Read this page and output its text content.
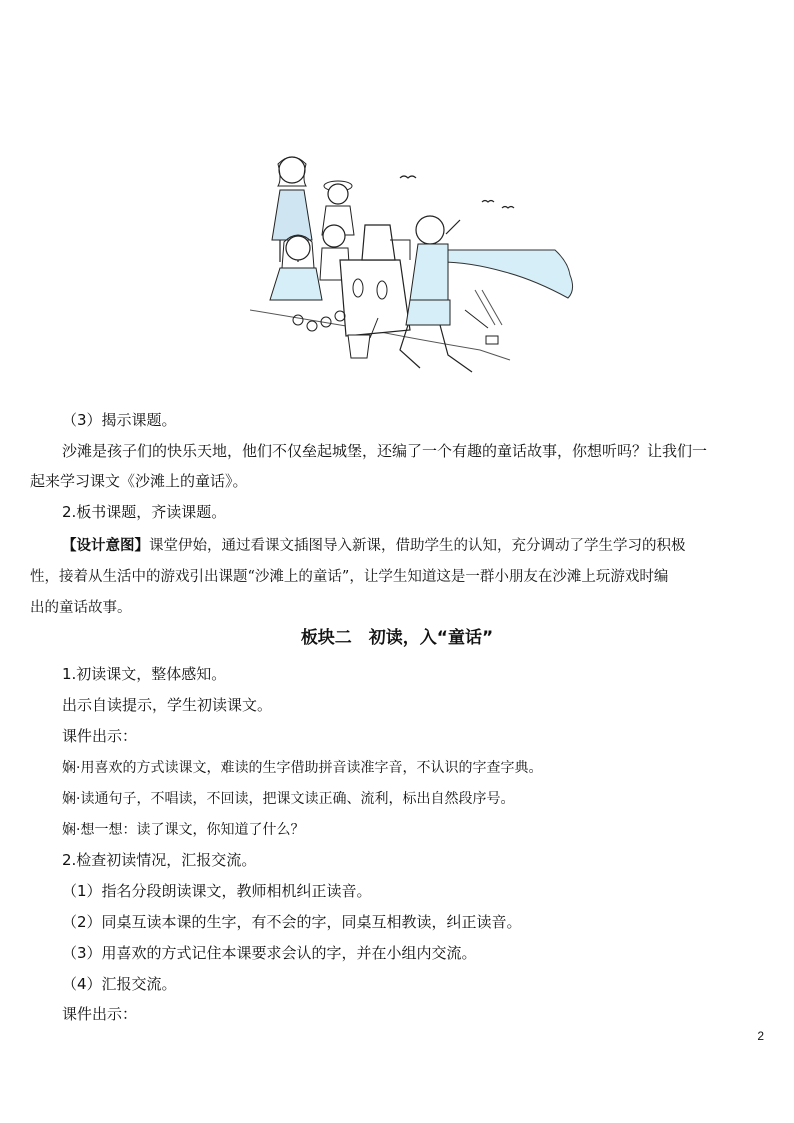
（3）揭示课题。
沙滩是孩子们的快乐天地，他们不仅垒起城堡，还编了一个有趣的童话故事，你想听吗？让我们一
起来学习课文《沙滩上的童话》。
2.板书课题，齐读课题。
【设计意图】课堂伊始，通过看课文插图导入新课，借助学生的认知，充分调动了学生学习的积极
性，接着从生活中的游戏引出课题“沙滩上的童话”，让学生知道这是一群小朋友在沙滩上玩游戏时编
出的童话故事。
板块二　初读，入“童话”
1.初读课文，整体感知。
出示自读提示，学生初读课文。
课件出示：
娴·用喜欢的方式读课文，难读的生字借助拼音读准字音，不认识的字查字典。
娴·读通句子，不唱读，不回读，把课文读正确、流利，标出自然段序号。
娴·想一想：读了课文，你知道了什么？
2.检查初读情况，汇报交流。
（1）指名分段朗读课文，教师相机纠正读音。
（2）同桌互读本课的生字，有不会的字，同桌互相教读，纠正读音。
（3）用喜欢的方式记住本课要求会认的字，并在小组内交流。
（4）汇报交流。
课件出示：
2
